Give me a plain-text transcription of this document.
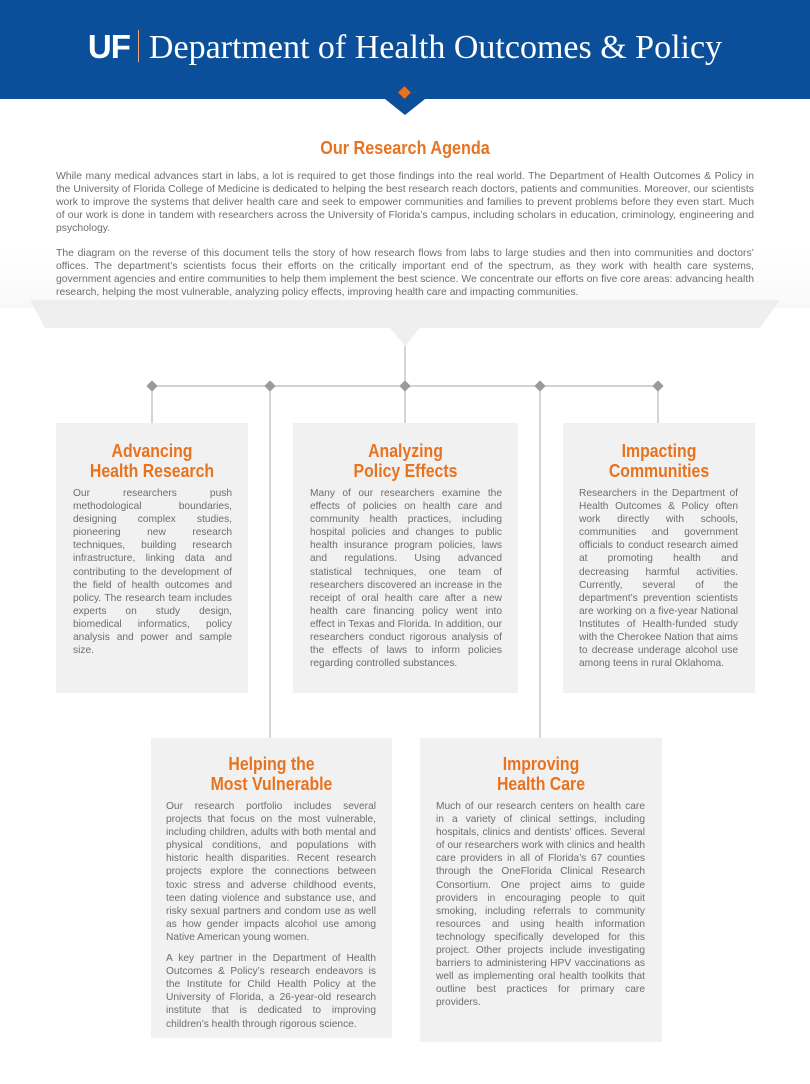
UF Department of Health Outcomes & Policy
Our Research Agenda

While many medical advances start in labs, a lot is required to get those findings into the real world. The Department of Health Outcomes & Policy in the University of Florida College of Medicine is dedicated to helping the best research reach doctors, patients and communities. Moreover, our scientists work to improve the systems that deliver health care and seek to empower communities and families to prevent problems before they even start. Much of our work is done in tandem with researchers across the University of Florida’s campus, including scholars in education, criminology, engineering and psychology.

The diagram on the reverse of this document tells the story of how research flows from labs to large studies and then into communities and doctors’ offices. The department’s scientists focus their efforts on the critically important end of the spectrum, as they work with health care systems, government agencies and entire communities to help them implement the best science. We concentrate our efforts on five core areas: advancing health research, helping the most vulnerable, analyzing policy effects, improving health care and impacting communities.

Advancing
Health Research

Our researchers push methodological boundaries, designing complex studies, pioneering new research techniques, building research infrastructure, linking data and contributing to the development of the field of health outcomes and policy. The research team includes experts on study design, biomedical informatics, policy analysis and power and sample size.

Analyzing
Policy Effects

Many of our researchers examine the effects of policies on health care and community health practices, including hospital policies and changes to public health insurance program policies, laws and regulations. Using advanced statistical techniques, one team of researchers discovered an increase in the receipt of oral health care after a new health care financing policy went into effect in Texas and Florida. In addition, our researchers conduct rigorous analysis of the effects of laws to inform policies regarding controlled substances.

Impacting
Communities

Researchers in the Department of Health Outcomes & Policy often work directly with schools, communities and government officials to conduct research aimed at promoting health and decreasing harmful activities. Currently, several of the department’s prevention scientists are working on a five-year National Institutes of Health-funded study with the Cherokee Nation that aims to decrease underage alcohol use among teens in rural Oklahoma.

Helping the
Most Vulnerable

Our research portfolio includes several projects that focus on the most vulnerable, including children, adults with both mental and physical conditions, and populations with historic health disparities. Recent research projects explore the connections between toxic stress and adverse childhood events, teen dating violence and substance use, and risky sexual partners and condom use as well as how gender impacts alcohol use among Native American young women.

A key partner in the Department of Health Outcomes & Policy’s research endeavors is the Institute for Child Health Policy at the University of Florida, a 26-year-old research institute that is dedicated to improving children’s health through rigorous science.

Improving
Health Care

Much of our research centers on health care in a variety of clinical settings, including hospitals, clinics and dentists’ offices. Several of our researchers work with clinics and health care providers in all of Florida’s 67 counties through the OneFlorida Clinical Research Consortium. One project aims to guide providers in encouraging people to quit smoking, including referrals to community resources and using health information technology specifically developed for this project. Other projects include investigating barriers to administering HPV vaccinations as well as implementing oral health toolkits that outline best practices for primary care providers.
